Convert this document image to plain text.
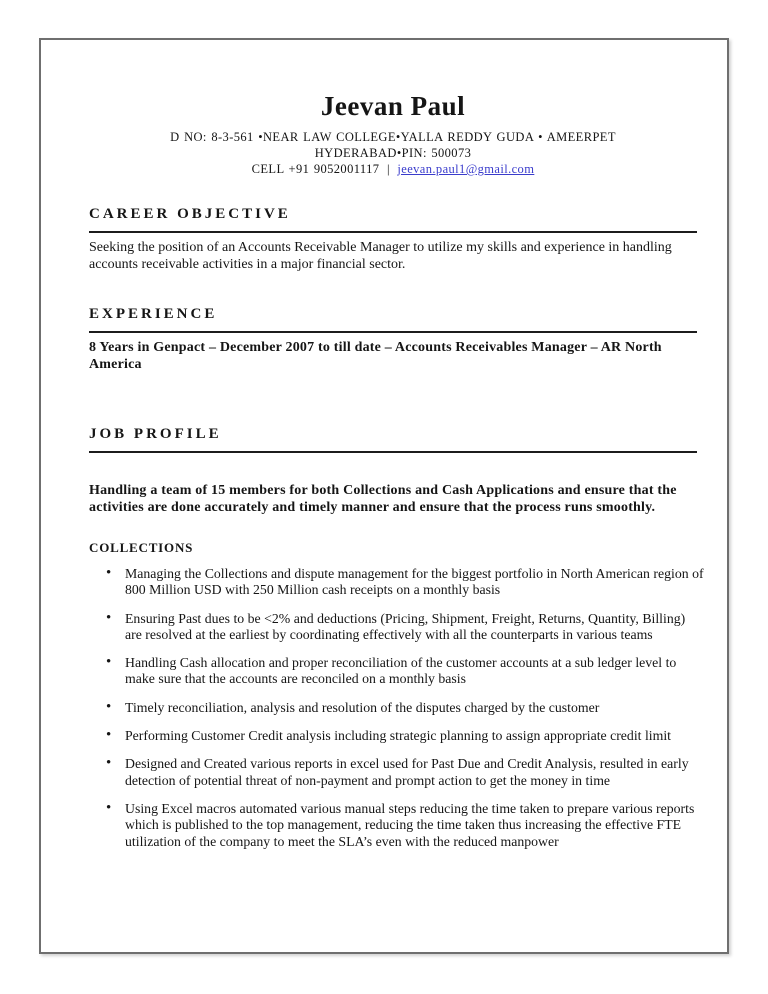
Jeevan Paul
D NO: 8-3-561 •NEAR LAW COLLEGE•YALLA REDDY GUDA • AMEERPET
HYDERABAD•PIN: 500073
CELL +91 9052001117 | jeevan.paul1@gmail.com
CAREER OBJECTIVE

Seeking the position of an Accounts Receivable Manager to utilize my skills and experience in handling accounts receivable activities in a major financial sector.

EXPERIENCE

8 Years in Genpact – December 2007 to till date – Accounts Receivables Manager – AR North America

JOB PROFILE

Handling a team of 15 members for both Collections and Cash Applications and ensure that the activities are done accurately and timely manner and ensure that the process runs smoothly.

COLLECTIONS
• Managing the Collections and dispute management for the biggest portfolio in North American region of 800 Million USD with 250 Million cash receipts on a monthly basis
• Ensuring Past dues to be <2% and deductions (Pricing, Shipment, Freight, Returns, Quantity, Billing) are resolved at the earliest by coordinating effectively with all the counterparts in various teams
• Handling Cash allocation and proper reconciliation of the customer accounts at a sub ledger level to make sure that the accounts are reconciled on a monthly basis
• Timely reconciliation, analysis and resolution of the disputes charged by the customer
• Performing Customer Credit analysis including strategic planning to assign appropriate credit limit
• Designed and Created various reports in excel used for Past Due and Credit Analysis, resulted in early detection of potential threat of non-payment and prompt action to get the money in time
• Using Excel macros automated various manual steps reducing the time taken to prepare various reports which is published to the top management, reducing the time taken thus increasing the effective FTE utilization of the company to meet the SLA’s even with the reduced manpower
